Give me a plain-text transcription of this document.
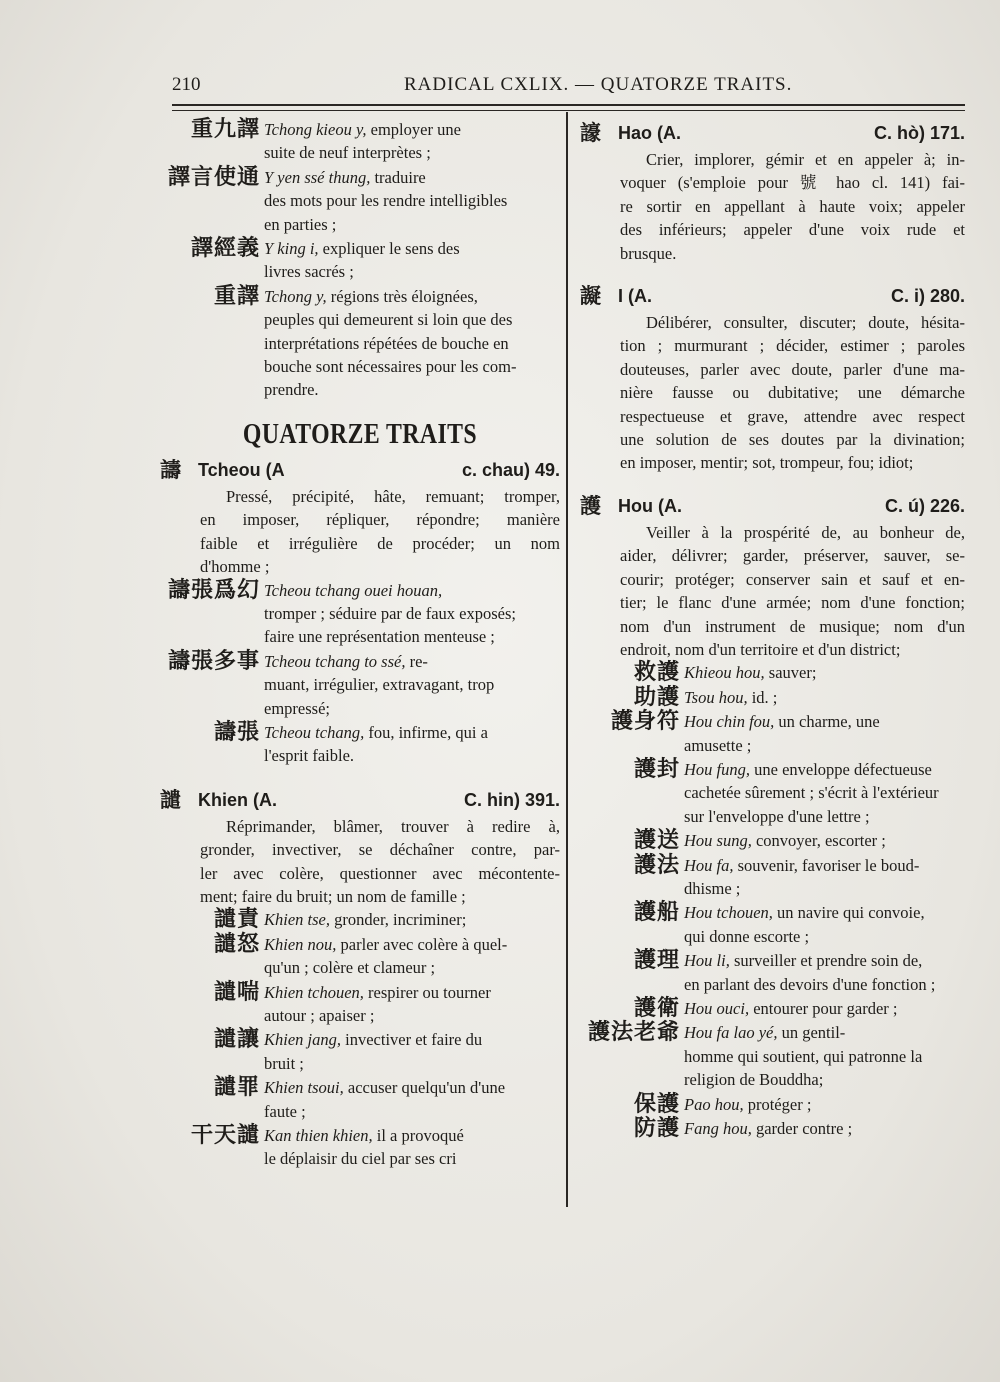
210	RADICAL CXLIX. — QUATORZE TRAITS.
重九譯 Tchong kieou y, employer une
suite de neuf interprètes ;
譯言使通 Y yen ssé thung, traduire
des mots pour les rendre intelligibles
en parties ;
譯經義 Y king i, expliquer le sens des
livres sacrés ;
重譯 Tchong y, régions très éloignées,
peuples qui demeurent si loin que des
interprétations répétées de bouche en
bouche sont nécessaires pour les com-
prendre.
QUATORZE TRAITS
譸 Tcheou (A	c. chau) 49.
Pressé, précipité, hâte, remuant; tromper,
en imposer, répliquer, répondre; manière
faible et irrégulière de procéder; un nom
d'homme ;
譸張爲幻 Tcheou tchang ouei houan,
tromper ; séduire par de faux exposés;
faire une représentation menteuse ;
譸張多事 Tcheou tchang to ssé, re-
muant, irrégulier, extravagant, trop
empressé;
譸張 Tcheou tchang, fou, infirme, qui a
l'esprit faible.
譴 Khien (A.	C. hin) 391.
Réprimander, blâmer, trouver à redire à,
gronder, invectiver, se déchaîner contre, par-
ler avec colère, questionner avec mécontente-
ment; faire du bruit; un nom de famille ;
譴責 Khien tse, gronder, incriminer;
譴怒 Khien nou, parler avec colère à quel-
qu'un ; colère et clameur ;
譴喘 Khien tchouen, respirer ou tourner
autour ; apaiser ;
譴讓 Khien jang, invectiver et faire du
bruit ;
譴罪 Khien tsoui, accuser quelqu'un d'une
faute ;
干天譴 Kan thien khien, il a provoqué
le déplaisir du ciel par ses cri
譹 Hao (A.	C. hò) 171.
Crier, implorer, gémir et en appeler à; in-
voquer (s'emploie pour 號 hao cl. 141) fai-
re sortir en appellant à haute voix; appeler
des inférieurs; appeler d'une voix rude et
brusque.
譺 I (A.	C. i) 280.
Délibérer, consulter, discuter; doute, hésita-
tion ; murmurant ; décider, estimer ; paroles
douteuses, parler avec doute, parler d'une ma-
nière fausse ou dubitative; une démarche
respectueuse et grave, attendre avec respect
une solution de ses doutes par la divination;
en imposer, mentir; sot, trompeur, fou; idiot;
護 Hou (A.	C. ú) 226.
Veiller à la prospérité de, au bonheur de,
aider, délivrer; garder, préserver, sauver, se-
courir; protéger; conserver sain et sauf et en-
tier; le flanc d'une armée; nom d'une fonction;
nom d'un instrument de musique; nom d'un
endroit, nom d'un territoire et d'un district;
救護 Khieou hou, sauver;
助護 Tsou hou, id. ;
護身符 Hou chin fou, un charme, une
amusette ;
護封 Hou fung, une enveloppe défectueuse
cachetée sûrement ; s'écrit à l'extérieur
sur l'enveloppe d'une lettre ;
護送 Hou sung, convoyer, escorter ;
護法 Hou fa, souvenir, favoriser le boud-
dhisme ;
護船 Hou tchouen, un navire qui convoie,
qui donne escorte ;
護理 Hou li, surveiller et prendre soin de,
en parlant des devoirs d'une fonction ;
護衛 Hou ouci, entourer pour garder ;
護法老爺 Hou fa lao yé, un gentil-
homme qui soutient, qui patronne la
religion de Bouddha;
保護 Pao hou, protéger ;
防護 Fang hou, garder contre ;
